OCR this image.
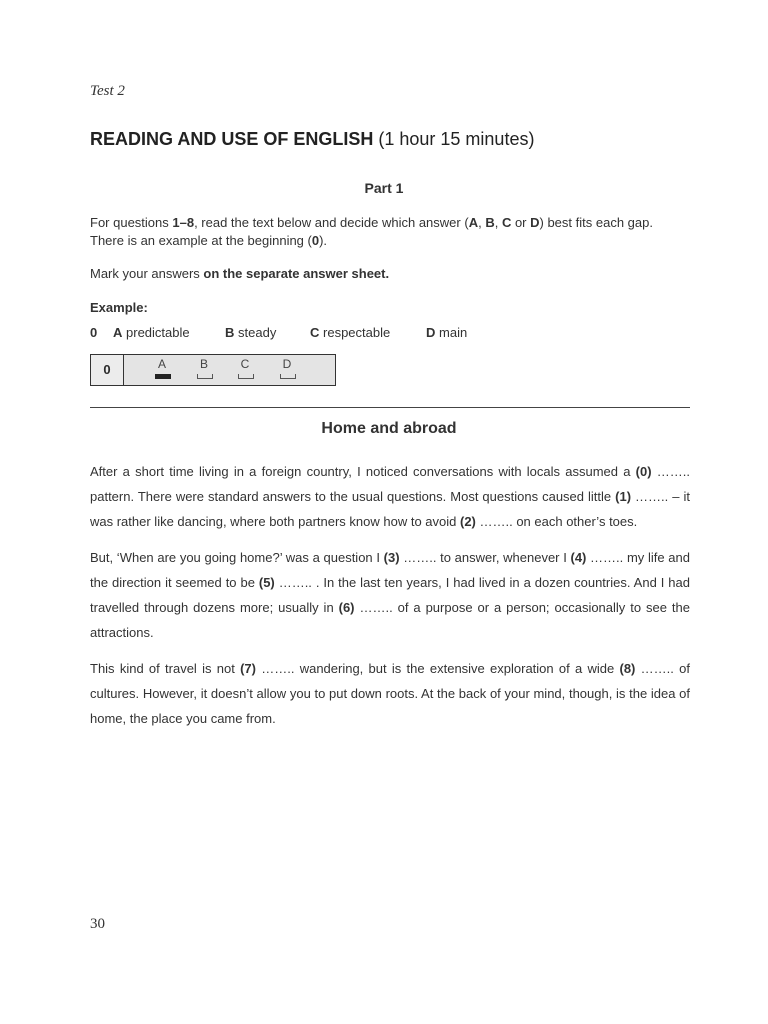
Test 2
READING AND USE OF ENGLISH (1 hour 15 minutes)
Part 1
For questions 1–8, read the text below and decide which answer (A, B, C or D) best fits each gap.
There is an example at the beginning (0).
Mark your answers on the separate answer sheet.
Example:
0 A predictable	B steady	C respectable	D main
0	A	B	C	D
Home and abroad
After a short time living in a foreign country, I noticed conversations with locals assumed a (0) …….. pattern. There were standard answers to the usual questions. Most questions caused little (1) …….. – it was rather like dancing, where both partners know how to avoid (2) …….. on each other’s toes.
But, ‘When are you going home?’ was a question I (3) …….. to answer, whenever I (4) …….. my life and the direction it seemed to be (5) …….. . In the last ten years, I had lived in a dozen countries. And I had travelled through dozens more; usually in (6) …….. of a purpose or a person; occasionally to see the attractions.
This kind of travel is not (7) …….. wandering, but is the extensive exploration of a wide (8) …….. of cultures. However, it doesn’t allow you to put down roots. At the back of your mind, though, is the idea of home, the place you came from.
30
